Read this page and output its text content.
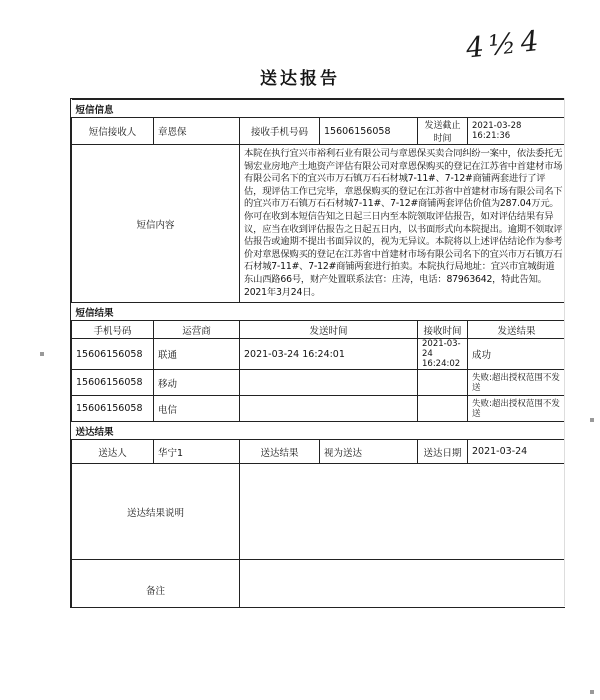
4 ½ 4
送达报告
短信信息					
短信接收人	章恩保	接收手机号码	15606156058	发送截止时间	2021-03-28 16:21:36
短信内容		本院在执行宜兴市裕利石业有限公司与章恩保买卖合同纠纷一案中，依法委托无锡宏业房地产土地资产评估有限公司对章恩保购买的登记在江苏省中首建材市场有限公司名下的宜兴市万石镇万石石材城7-11#、7-12#商铺两套进行了评估，现评估工作已完毕，章恩保购买的登记在江苏省中首建材市场有限公司名下的宜兴市万石镇万石石材城7-11#、7-12#商铺两套评估价值为287.04万元。你可在收到本短信告知之日起三日内至本院领取评估报告，如对评估结果有异议，应当在收到评估报告之日起五日内，以书面形式向本院提出。逾期不领取评估报告或逾期不提出书面异议的，视为无异议。本院将以上述评估结论作为参考价对章恩保购买的登记在江苏省中首建材市场有限公司名下的宜兴市万石镇万石石材城7-11#、7-12#商铺两套进行拍卖。本院执行局地址：宜兴市宜城街道东山西路66号，财产处置联系法官：庄涛，电话：87963642，特此告知。2021年3月24日。			
短信结果					
手机号码	运营商	发送时间		接收时间	发送结果
15606156058	联通	2021-03-24 16:24:01		2021-03-24 16:24:02	成功
15606156058	移动				失败:超出授权范围不发送
15606156058	电信				失败:超出授权范围不发送
送达结果					
送达人	华宁1	送达结果	视为送达	送达日期	2021-03-24
送达结果说明					
备注					
